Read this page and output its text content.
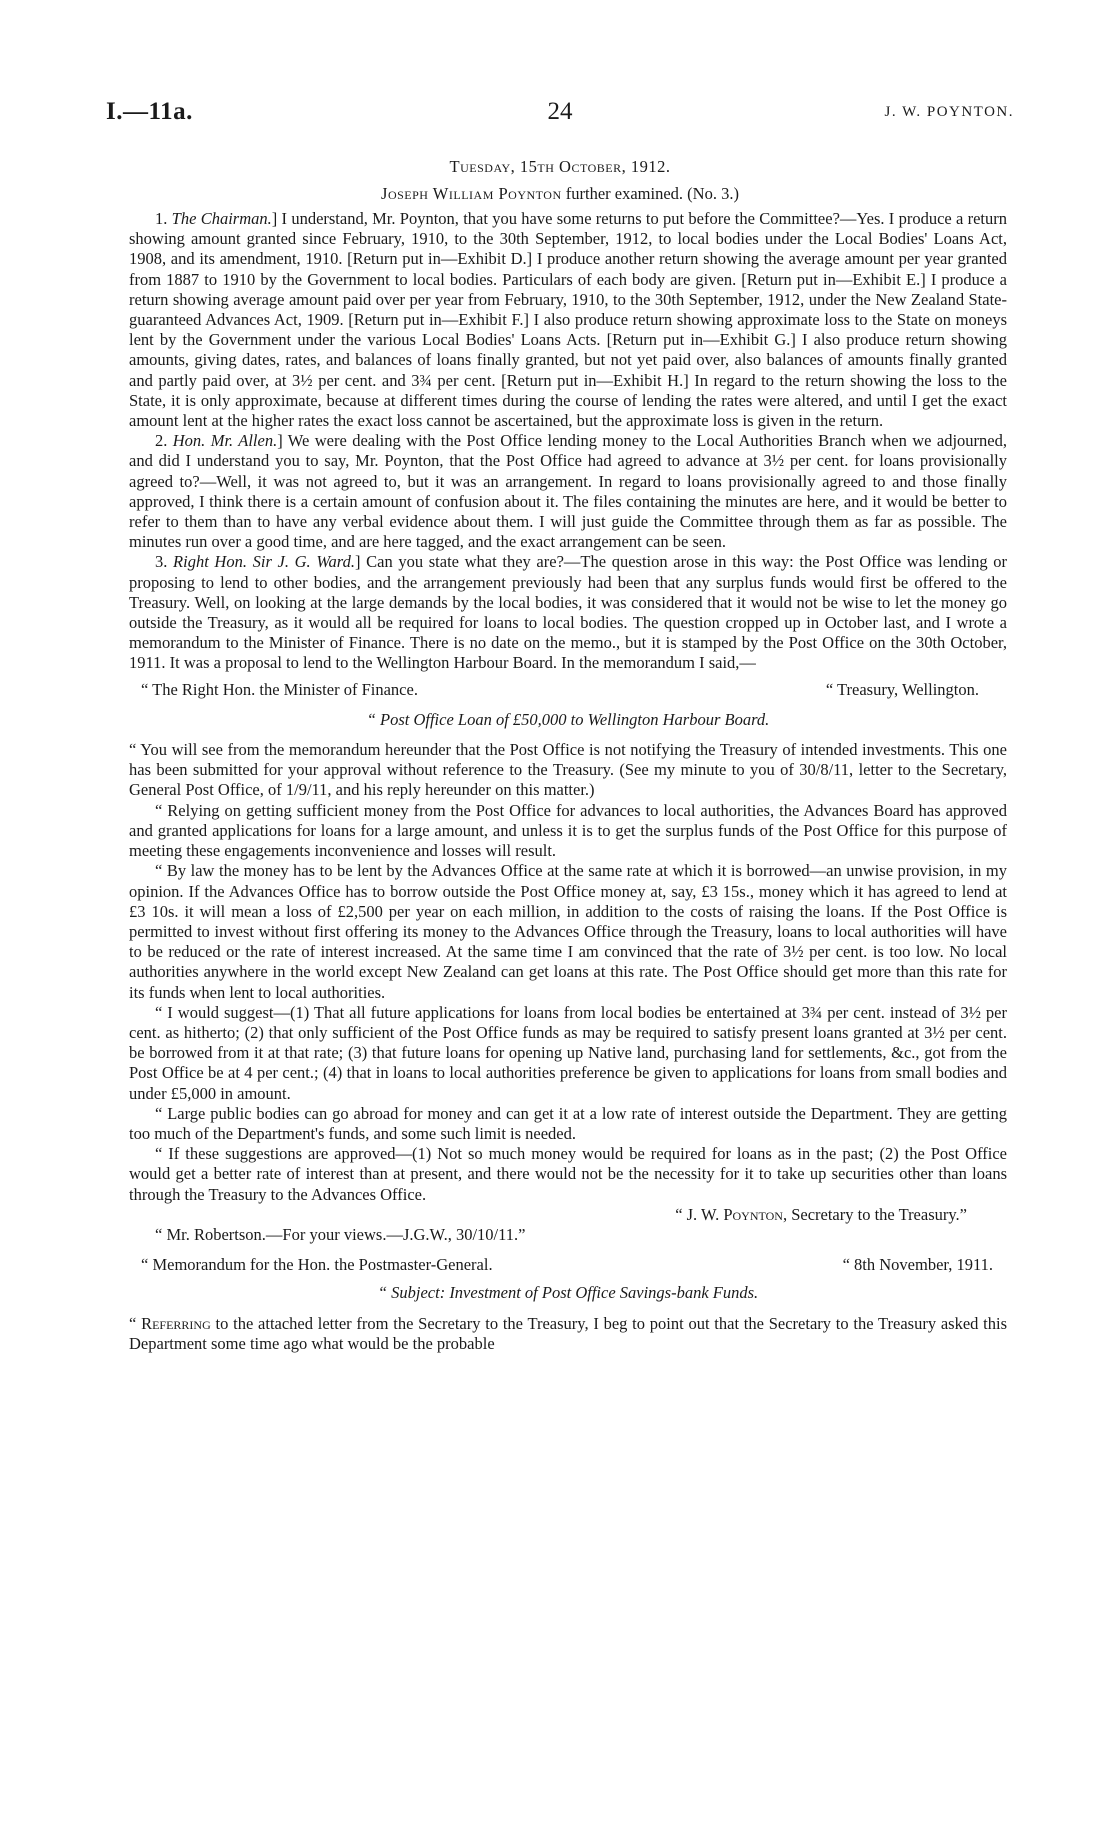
I.—11a.	24	J. W. POYNTON.
Tuesday, 15th October, 1912.
Joseph William Poynton further examined. (No. 3.)

1. The Chairman.] I understand, Mr. Poynton, that you have some returns to put before the Committee?—Yes. I produce a return showing amount granted since February, 1910, to the 30th September, 1912, to local bodies under the Local Bodies' Loans Act, 1908, and its amendment, 1910. [Return put in—Exhibit D.] I produce another return showing the average amount per year granted from 1887 to 1910 by the Government to local bodies. Particulars of each body are given. [Return put in—Exhibit E.] I produce a return showing average amount paid over per year from February, 1910, to the 30th September, 1912, under the New Zealand State-guaranteed Advances Act, 1909. [Return put in—Exhibit F.] I also produce return showing approximate loss to the State on moneys lent by the Government under the various Local Bodies' Loans Acts. [Return put in—Exhibit G.] I also produce return showing amounts, giving dates, rates, and balances of loans finally granted, but not yet paid over, also balances of amounts finally granted and partly paid over, at 3½ per cent. and 3¾ per cent. [Return put in—Exhibit H.] In regard to the return showing the loss to the State, it is only approximate, because at different times during the course of lending the rates were altered, and until I get the exact amount lent at the higher rates the exact loss cannot be ascertained, but the approximate loss is given in the return.

2. Hon. Mr. Allen.] We were dealing with the Post Office lending money to the Local Authorities Branch when we adjourned, and did I understand you to say, Mr. Poynton, that the Post Office had agreed to advance at 3½ per cent. for loans provisionally agreed to?—Well, it was not agreed to, but it was an arrangement. In regard to loans provisionally agreed to and those finally approved, I think there is a certain amount of confusion about it. The files containing the minutes are here, and it would be better to refer to them than to have any verbal evidence about them. I will just guide the Committee through them as far as possible. The minutes run over a good time, and are here tagged, and the exact arrangement can be seen.

3. Right Hon. Sir J. G. Ward.] Can you state what they are?—The question arose in this way: the Post Office was lending or proposing to lend to other bodies, and the arrangement previously had been that any surplus funds would first be offered to the Treasury. Well, on looking at the large demands by the local bodies, it was considered that it would not be wise to let the money go outside the Treasury, as it would all be required for loans to local bodies. The question cropped up in October last, and I wrote a memorandum to the Minister of Finance. There is no date on the memo., but it is stamped by the Post Office on the 30th October, 1911. It was a proposal to lend to the Wellington Harbour Board. In the memorandum I said,—

“ The Right Hon. the Minister of Finance.	“ Treasury, Wellington.
“ Post Office Loan of £50,000 to Wellington Harbour Board.

“ You will see from the memorandum hereunder that the Post Office is not notifying the Treasury of intended investments. This one has been submitted for your approval without reference to the Treasury. (See my minute to you of 30/8/11, letter to the Secretary, General Post Office, of 1/9/11, and his reply hereunder on this matter.)

“ Relying on getting sufficient money from the Post Office for advances to local authorities, the Advances Board has approved and granted applications for loans for a large amount, and unless it is to get the surplus funds of the Post Office for this purpose of meeting these engagements inconvenience and losses will result.

“ By law the money has to be lent by the Advances Office at the same rate at which it is borrowed—an unwise provision, in my opinion. If the Advances Office has to borrow outside the Post Office money at, say, £3 15s., money which it has agreed to lend at £3 10s. it will mean a loss of £2,500 per year on each million, in addition to the costs of raising the loans. If the Post Office is permitted to invest without first offering its money to the Advances Office through the Treasury, loans to local authorities will have to be reduced or the rate of interest increased. At the same time I am convinced that the rate of 3½ per cent. is too low. No local authorities anywhere in the world except New Zealand can get loans at this rate. The Post Office should get more than this rate for its funds when lent to local authorities.

“ I would suggest—(1) That all future applications for loans from local bodies be entertained at 3¾ per cent. instead of 3½ per cent. as hitherto; (2) that only sufficient of the Post Office funds as may be required to satisfy present loans granted at 3½ per cent. be borrowed from it at that rate; (3) that future loans for opening up Native land, purchasing land for settlements, &c., got from the Post Office be at 4 per cent.; (4) that in loans to local authorities preference be given to applications for loans from small bodies and under £5,000 in amount.

“ Large public bodies can go abroad for money and can get it at a low rate of interest outside the Department. They are getting too much of the Department's funds, and some such limit is needed.

“ If these suggestions are approved—(1) Not so much money would be required for loans as in the past; (2) the Post Office would get a better rate of interest than at present, and there would not be the necessity for it to take up securities other than loans through the Treasury to the Advances Office.

“ J. W. Poynton, Secretary to the Treasury.”

“ Mr. Robertson.—For your views.—J.G.W., 30/10/11.”

“ Memorandum for the Hon. the Postmaster-General.	“ 8th November, 1911.
“ Subject: Investment of Post Office Savings-bank Funds.

“ Referring to the attached letter from the Secretary to the Treasury, I beg to point out that the Secretary to the Treasury asked this Department some time ago what would be the probable
